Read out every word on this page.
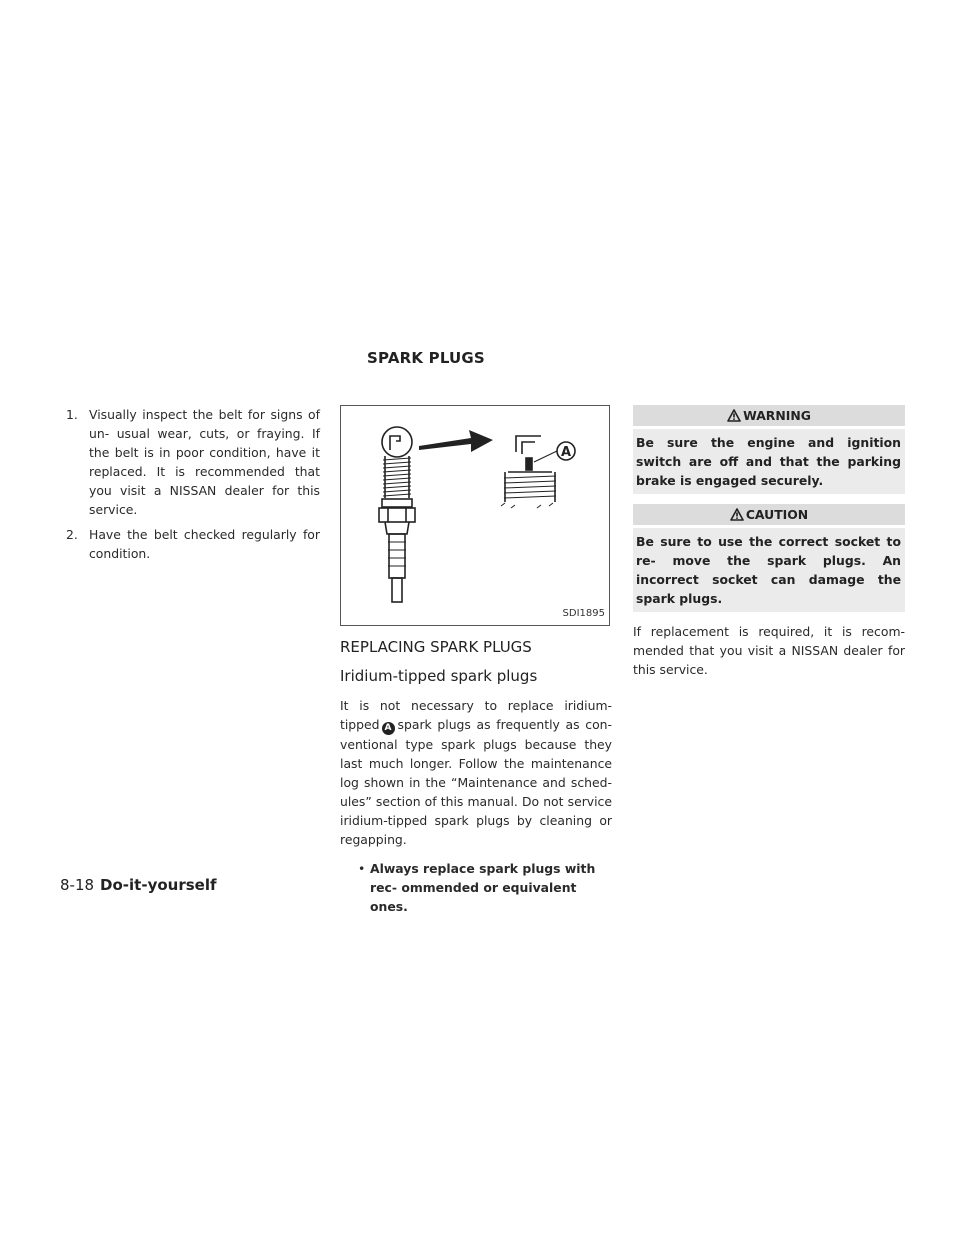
SPARK PLUGS
1. Visually inspect the belt for signs of un- usual wear, cuts, or fraying. If the belt is in poor condition, have it replaced. It is recommended that you visit a NISSAN dealer for this service.
2. Have the belt checked regularly for condition.
A
SDI1895
REPLACING SPARK PLUGS
Iridium-tipped spark plugs

It is not necessary to replace iridium- tipped A spark plugs as frequently as con- ventional type spark plugs because they last much longer. Follow the maintenance log shown in the “Maintenance and sched- ules” section of this manual. Do not service iridium-tipped spark plugs by cleaning or regapping.

• Always replace spark plugs with rec- ommended or equivalent ones.
WARNING
Be sure the engine and ignition switch are off and that the parking brake is engaged securely.
CAUTION
Be sure to use the correct socket to re- move the spark plugs. An incorrect socket can damage the spark plugs.

If replacement is required, it is recom- mended that you visit a NISSAN dealer for this service.

8-18 Do-it-yourself
